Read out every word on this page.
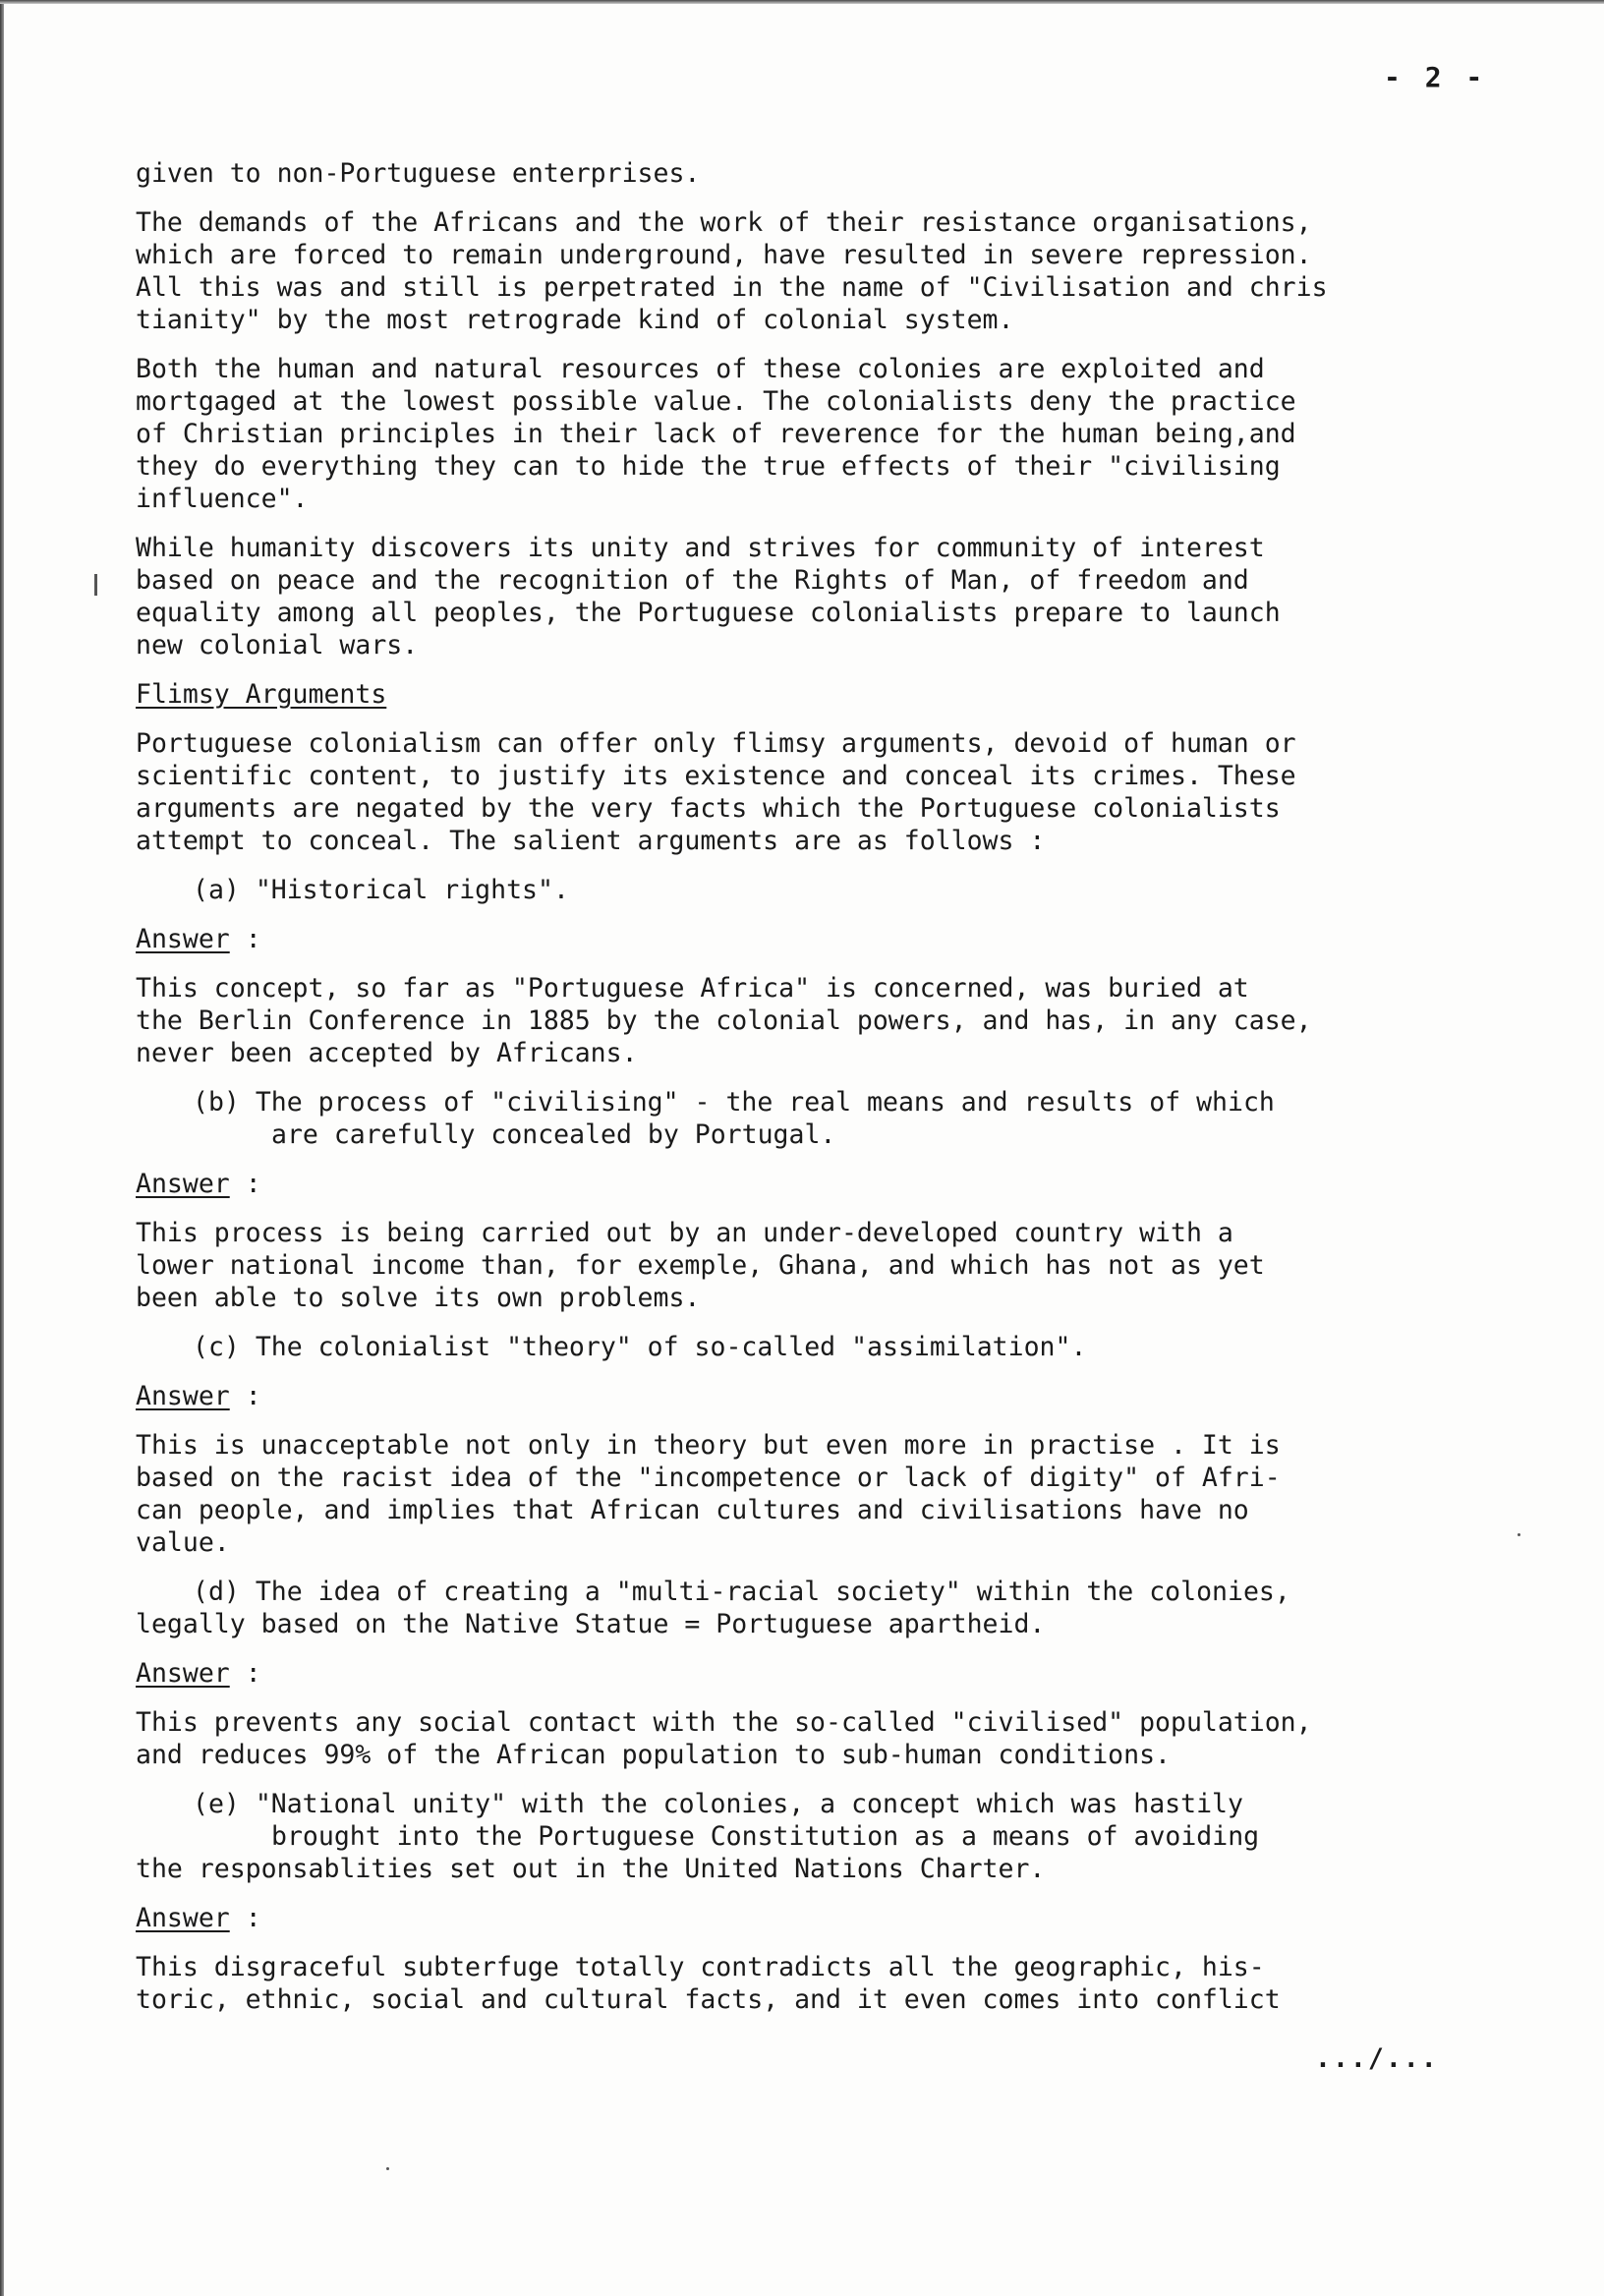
- 2 -
given to non-Portuguese enterprises.
The demands of the Africans and the work of their resistance organisations,
which are forced to remain underground, have resulted in severe repression.
All this was and still is perpetrated in the name of "Civilisation and chris
tianity" by the most retrograde kind of colonial system.
Both the human and natural resources of these colonies are exploited and
mortgaged at the lowest possible value. The colonialists deny the practice
of Christian principles in their lack of reverence for the human being,and
they do everything they can to hide the true effects of their "civilising
influence".
While humanity discovers its unity and strives for community of interest
based on peace and the recognition of the Rights of Man, of freedom and
equality among all peoples, the Portuguese colonialists prepare to launch
new colonial wars.
Flimsy Arguments
Portuguese colonialism can offer only flimsy arguments, devoid of human or
scientific content, to justify its existence and conceal its crimes. These
arguments are negated by the very facts which the Portuguese colonialists
attempt to conceal. The salient arguments are as follows :
(a) "Historical rights".
Answer :
This concept, so far as "Portuguese Africa" is concerned, was buried at
the Berlin Conference in 1885 by the colonial powers, and has, in any case,
never been accepted by Africans.
(b) The process of "civilising" - the real means and results of which
are carefully concealed by Portugal.
Answer :
This process is being carried out by an under-developed country with a
lower national income than, for exemple, Ghana, and which has not as yet
been able to solve its own problems.
(c) The colonialist "theory" of so-called "assimilation".
Answer :
This is unacceptable not only in theory but even more in practise . It is
based on the racist idea of the "incompetence or lack of digity" of Afri-
can people, and implies that African cultures and civilisations have no
value.
(d) The idea of creating a "multi-racial society" within the colonies,
legally based on the Native Statue = Portuguese apartheid.
Answer :
This prevents any social contact with the so-called "civilised" population,
and reduces 99% of the African population to sub-human conditions.
(e) "National unity" with the colonies, a concept which was hastily
brought into the Portuguese Constitution as a means of avoiding
the responsablities set out in the United Nations Charter.
Answer :
This disgraceful subterfuge totally contradicts all the geographic, his-
toric, ethnic, social and cultural facts, and it even comes into conflict
.../...
